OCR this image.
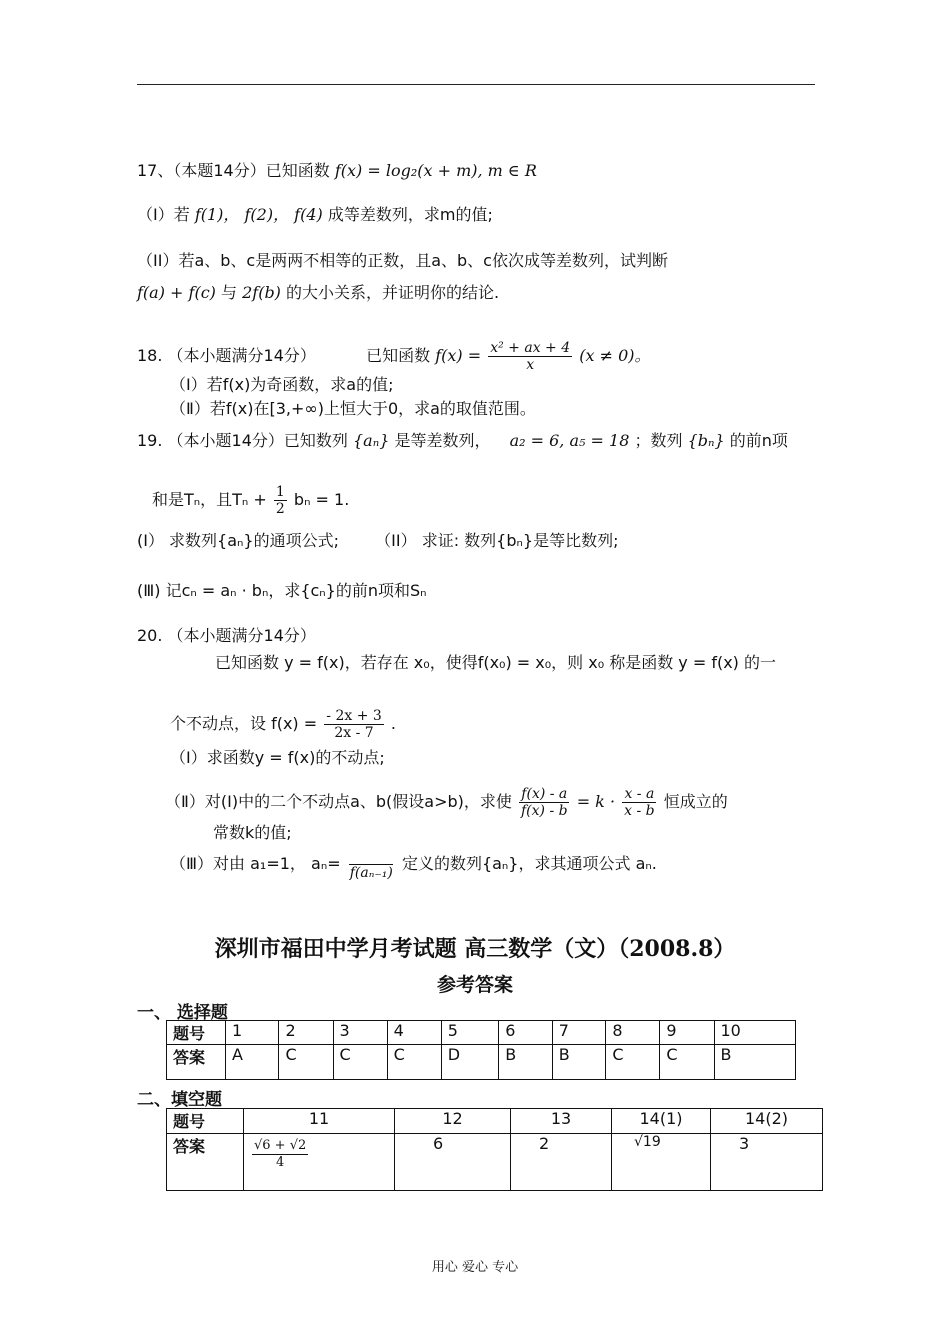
17、（本题14分）已知函数 f(x) = log₂(x + m), m ∈ R
（I）若 f(1)， f(2)， f(4) 成等差数列，求m的值;
（II）若a、b、c是两两不相等的正数，且a、b、c依次成等差数列，试判断
f(a) + f(c) 与 2f(b) 的大小关系，并证明你的结论.
18. （本小题满分14分）	已知函数 $f(x) = \frac{\text{x² + ax + 4}}{x} (x \ne 0)$。
（Ⅰ）若f(x)为奇函数，求a的值;
（Ⅱ）若f(x)在[3,+∞)上恒大于0，求a的取值范围。
19. （本小题14分）已知数列 {aₙ} 是等差数列， a₂ = 6, a₅ = 18 ；数列 {bₙ} 的前n项
和是Tₙ，且$T_n + \frac{1}{2}$ bₙ = 1.
(I） 求数列{aₙ}的通项公式; （II） 求证: 数列{bₙ}是等比数列;
(Ⅲ) 记cₙ = aₙ · bₙ，求{cₙ}的前n项和Sₙ
20. （本小题满分14分）
已知函数 y = f(x)，若存在 x₀，使得f(x₀) = x₀，则 x₀ 称是函数 y = f(x) 的一
个不动点，设 $f(x) = \frac{- 2x + 3}{2x - 7}$ .
（Ⅰ）求函数y = f(x)的不动点;
（Ⅱ）对(Ⅰ)中的二个不动点a、b(假设a>b)，求使 $\frac{f(x) - a}{f(x) - b} = k \cdot \frac{x - a}{x - b}$ 恒成立的
常数k的值;
（Ⅲ）对由 a₁=1， aₙ=
f(aₙ₋₁) 定义的数列{aₙ}，求其通项公式 aₙ.
深圳市福田中学月考试题 高三数学（文）（2008.8）
参考答案
一、 选择题
题号	1	2	3	4	5	6	7	8	9	10
答案	A	C	C	C	D	B	B	C	C	B
二、填空题
题号	11	12	13	14(1)	14(2)
答案	$\frac{√6 + √2}{4}$	6	2	√19	3
用心 爱心 专心
